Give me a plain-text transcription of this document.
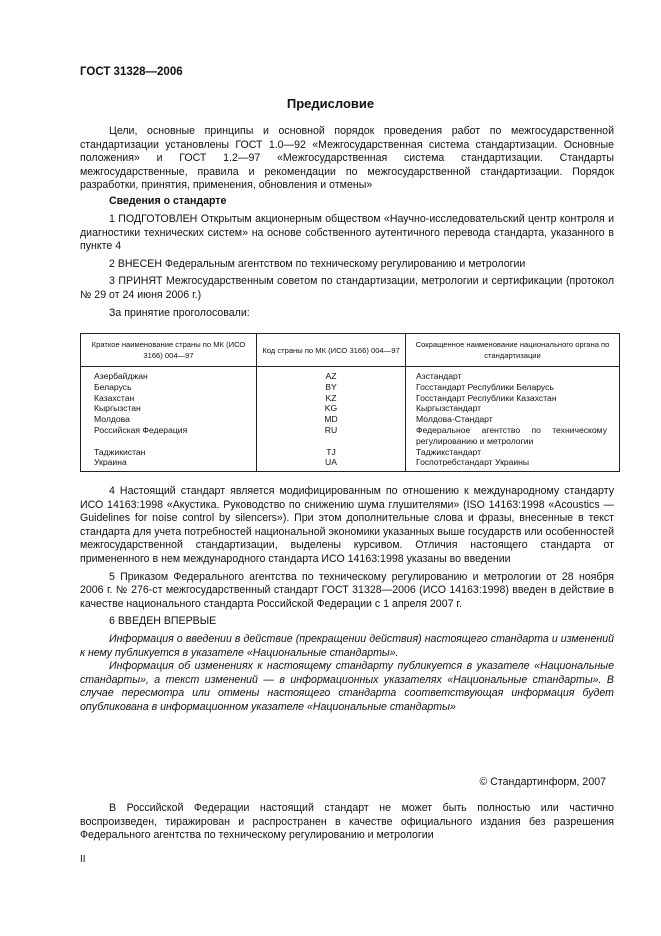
ГОСТ 31328—2006
Предисловие

Цели, основные принципы и основной порядок проведения работ по межгосударственной стандартизации установлены ГОСТ 1.0—92 «Межгосударственная система стандартизации. Основные положения» и ГОСТ 1.2—97 «Межгосударственная система стандартизации. Стандарты межгосударственные, правила и рекомендации по межгосударственной стандартизации. Порядок разработки, принятия, применения, обновления и отмены»

Сведения о стандарте

1 ПОДГОТОВЛЕН Открытым акционерным обществом «Научно-исследовательский центр контроля и диагностики технических систем» на основе собственного аутентичного перевода стандарта, указанного в пункте 4

2 ВНЕСЕН Федеральным агентством по техническому регулированию и метрологии

3 ПРИНЯТ Межгосударственным советом по стандартизации, метрологии и сертификации (протокол № 29 от 24 июня 2006 г.)

За принятие проголосовали:

Краткое наименование страны по МК (ИСО 3166) 004—97	Код страны по МК (ИСО 3166) 004—97	Сокращенное наименование национального органа по стандартизации
Азербайджан	AZ	Азстандарт
Беларусь	BY	Госстандарт Республики Беларусь
Казахстан	KZ	Госстандарт Республики Казахстан
Кыргызстан	KG	Кыргызстандарт
Молдова	MD	Молдова-Стандарт
Российская Федерация	RU	Федеральное агентство по техническому регулированию и метрологии
Таджикистан	TJ	Таджикстандарт
Украина	UA	Госпотребстандарт Украины

4 Настоящий стандарт является модифицированным по отношению к международному стандарту ИСО 14163:1998 «Акустика. Руководство по снижению шума глушителями» (ISO 14163:1998 «Acoustics — Guidelines for noise control by silencers»). При этом дополнительные слова и фразы, внесенные в текст стандарта для учета потребностей национальной экономики указанных выше государств или особенностей межгосударственной стандартизации, выделены курсивом. Отличия настоящего стандарта от примененного в нем международного стандарта ИСО 14163:1998 указаны во введении

5 Приказом Федерального агентства по техническому регулированию и метрологии от 28 ноября 2006 г. № 276-ст межгосударственный стандарт ГОСТ 31328—2006 (ИСО 14163:1998) введен в действие в качестве национального стандарта Российской Федерации с 1 апреля 2007 г.

6 ВВЕДЕН ВПЕРВЫЕ

Информация о введении в действие (прекращении действия) настоящего стандарта и изменений к нему публикуется в указателе «Национальные стандарты».

Информация об изменениях к настоящему стандарту публикуется в указателе «Национальные стандарты», а текст изменений — в информационных указателях «Национальные стандарты». В случае пересмотра или отмены настоящего стандарта соответствующая информация будет опубликована в информационном указателе «Национальные стандарты»

© Стандартинформ, 2007

В Российской Федерации настоящий стандарт не может быть полностью или частично воспроизведен, тиражирован и распространен в качестве официального издания без разрешения Федерального агентства по техническому регулированию и метрологии

II
